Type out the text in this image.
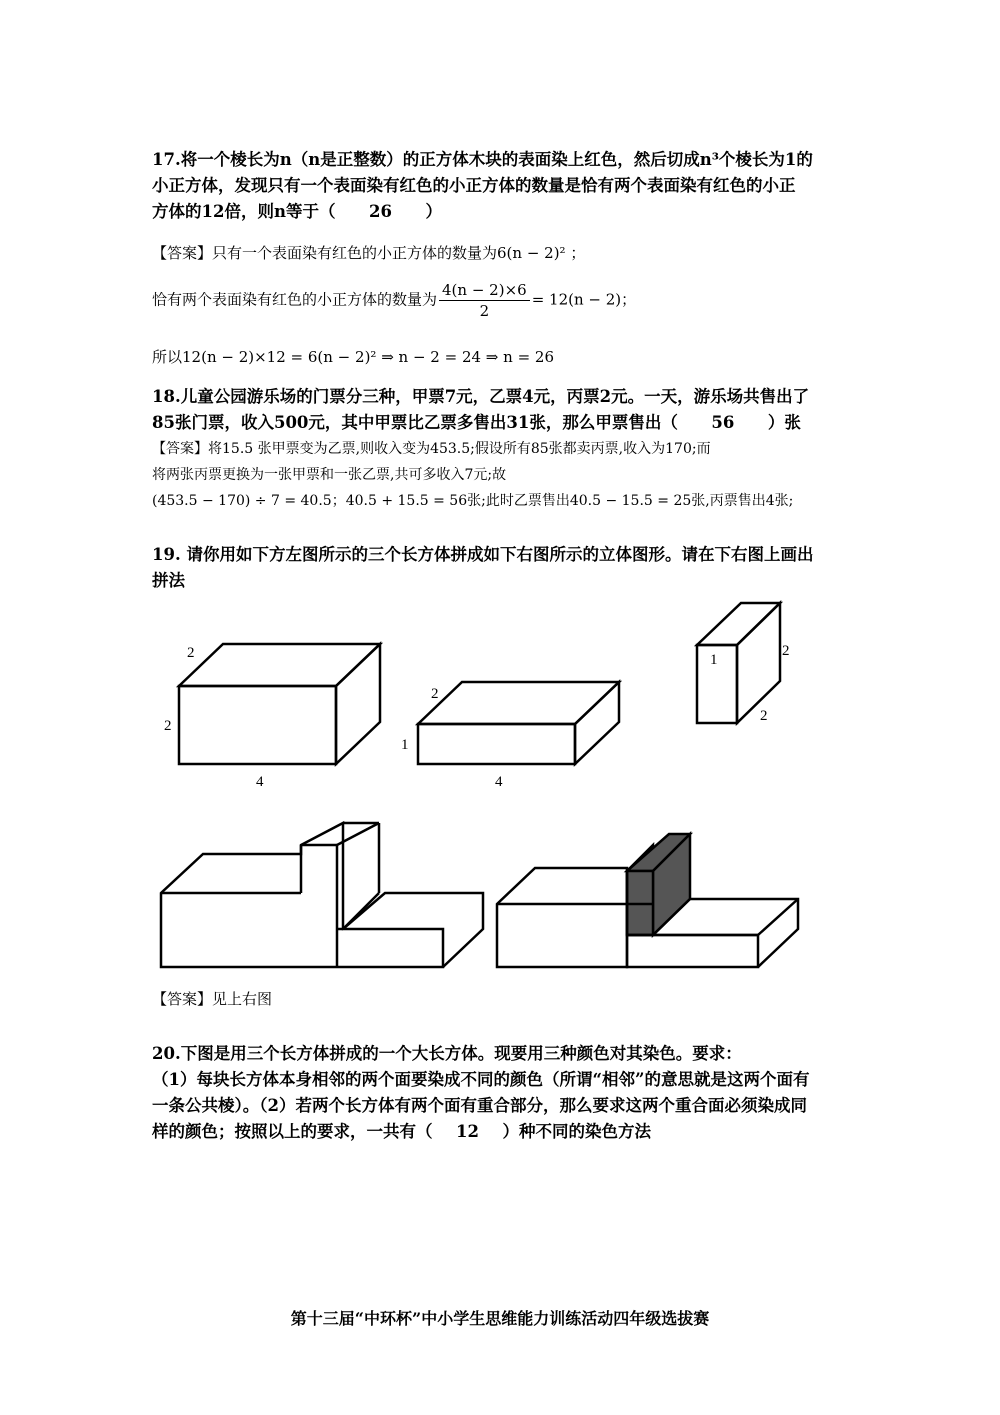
17.将一个棱长为n（n是正整数）的正方体木块的表面染上红色，然后切成n³个棱长为1的
小正方体，发现只有一个表面染有红色的小正方体的数量是恰有两个表面染有红色的小正
方体的12倍，则n等于（ 26 ）
【答案】只有一个表面染有红色的小正方体的数量为6(n − 2)² ；
恰有两个表面染有红色的小正方体的数量为 $\frac{4(n - 2)\times 6}{2} = 12(n - 2)$；
所以12(n − 2)×12 = 6(n − 2)² ⇒ n − 2 = 24 ⇒ n = 26
18.儿童公园游乐场的门票分三种，甲票7元，乙票4元，丙票2元。一天，游乐场共售出了
85张门票，收入500元，其中甲票比乙票多售出31张，那么甲票售出（ 56 ）张
【答案】将15.5 张甲票变为乙票,则收入变为453.5;假设所有85张都卖丙票,收入为170;而
将两张丙票更换为一张甲票和一张乙票,共可多收入7元;故
(453.5 − 170) ÷ 7 = 40.5；40.5 + 15.5 = 56张;此时乙票售出40.5 − 15.5 = 25张,丙票售出4张;
19. 请你用如下方左图所示的三个长方体拼成如下右图所示的立体图形。请在下右图上画出
拼法
2
2
4
2
1
4
1
2
2
【答案】见上右图
20.下图是用三个长方体拼成的一个大长方体。现要用三种颜色对其染色。要求：
（1）每块长方体本身相邻的两个面要染成不同的颜色（所谓“相邻”的意思就是这两个面有
一条公共棱）。（2）若两个长方体有两个面有重合部分，那么要求这两个重合面必须染成同
样的颜色；按照以上的要求，一共有（ 12 ）种不同的染色方法
第十三届“中环杯”中小学生思维能力训练活动四年级选拔赛
